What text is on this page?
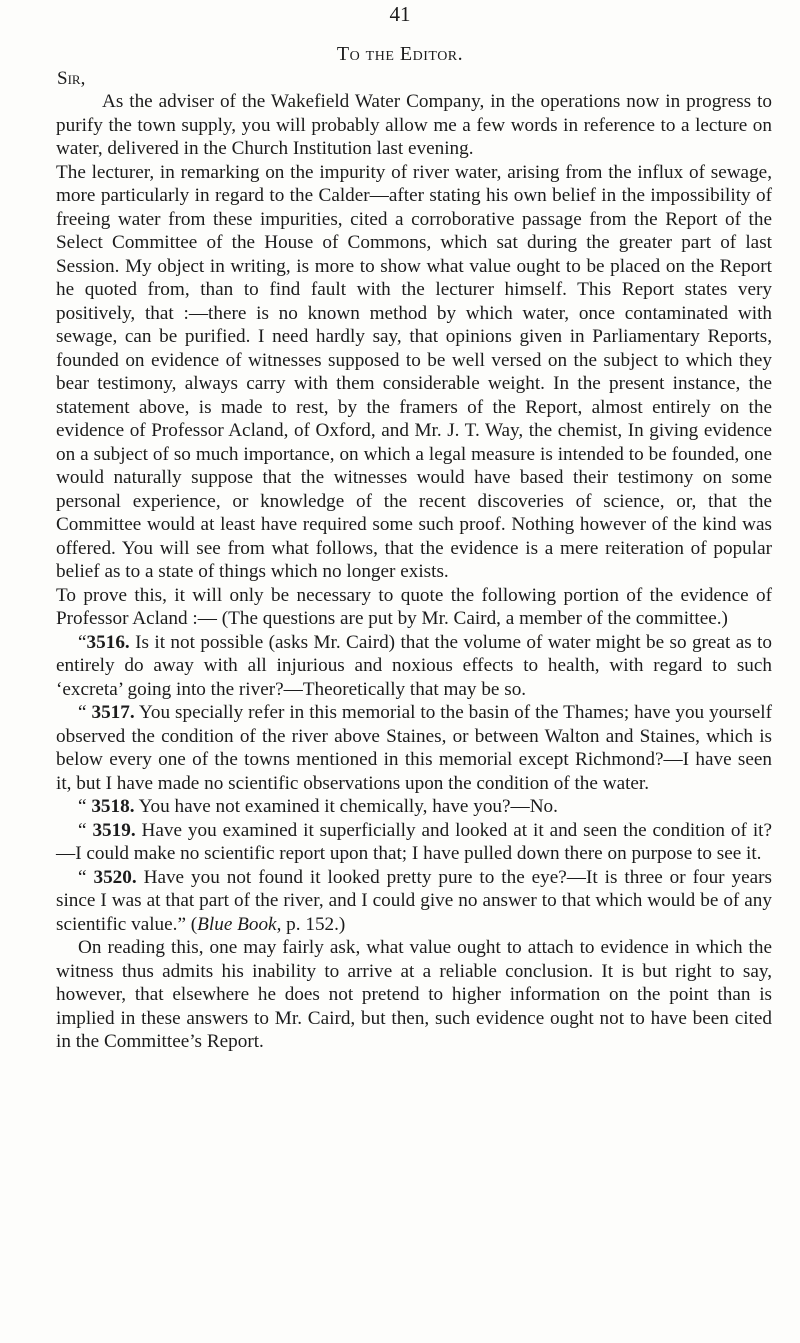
41
To the Editor.
Sir,

As the adviser of the Wakefield Water Company, in the operations now in progress to purify the town supply, you will probably allow me a few words in reference to a lecture on water, delivered in the Church Institution last evening.

The lecturer, in remarking on the impurity of river water, arising from the influx of sewage, more particularly in regard to the Calder—after stating his own belief in the impossibility of freeing water from these impurities, cited a corroborative passage from the Report of the Select Committee of the House of Commons, which sat during the greater part of last Session. My object in writing, is more to show what value ought to be placed on the Report he quoted from, than to find fault with the lecturer himself. This Report states very positively, that :—there is no known method by which water, once contaminated with sewage, can be purified. I need hardly say, that opinions given in Parliamentary Reports, founded on evidence of witnesses supposed to be well versed on the subject to which they bear testimony, always carry with them considerable weight. In the present instance, the statement above, is made to rest, by the framers of the Report, almost entirely on the evidence of Professor Acland, of Oxford, and Mr. J. T. Way, the chemist, In giving evidence on a subject of so much importance, on which a legal measure is intended to be founded, one would naturally suppose that the witnesses would have based their testimony on some personal experience, or knowledge of the recent discoveries of science, or, that the Committee would at least have required some such proof. Nothing however of the kind was offered. You will see from what follows, that the evidence is a mere reiteration of popular belief as to a state of things which no longer exists.

To prove this, it will only be necessary to quote the following portion of the evidence of Professor Acland :— (The questions are put by Mr. Caird, a member of the committee.)

“3516. Is it not possible (asks Mr. Caird) that the volume of water might be so great as to entirely do away with all injurious and noxious effects to health, with regard to such ‘excreta’ going into the river?—Theoretically that may be so.

“ 3517. You specially refer in this memorial to the basin of the Thames; have you yourself observed the condition of the river above Staines, or between Walton and Staines, which is below every one of the towns mentioned in this memorial except Richmond?—I have seen it, but I have made no scientific observations upon the condition of the water.

“ 3518. You have not examined it chemically, have you?—No.

“ 3519. Have you examined it superficially and looked at it and seen the condition of it?—I could make no scientific report upon that; I have pulled down there on purpose to see it.

“ 3520. Have you not found it looked pretty pure to the eye?—It is three or four years since I was at that part of the river, and I could give no answer to that which would be of any scientific value.” (Blue Book, p. 152.)

On reading this, one may fairly ask, what value ought to attach to evidence in which the witness thus admits his inability to arrive at a reliable conclusion. It is but right to say, however, that elsewhere he does not pretend to higher information on the point than is implied in these answers to Mr. Caird, but then, such evidence ought not to have been cited in the Committee’s Report.
